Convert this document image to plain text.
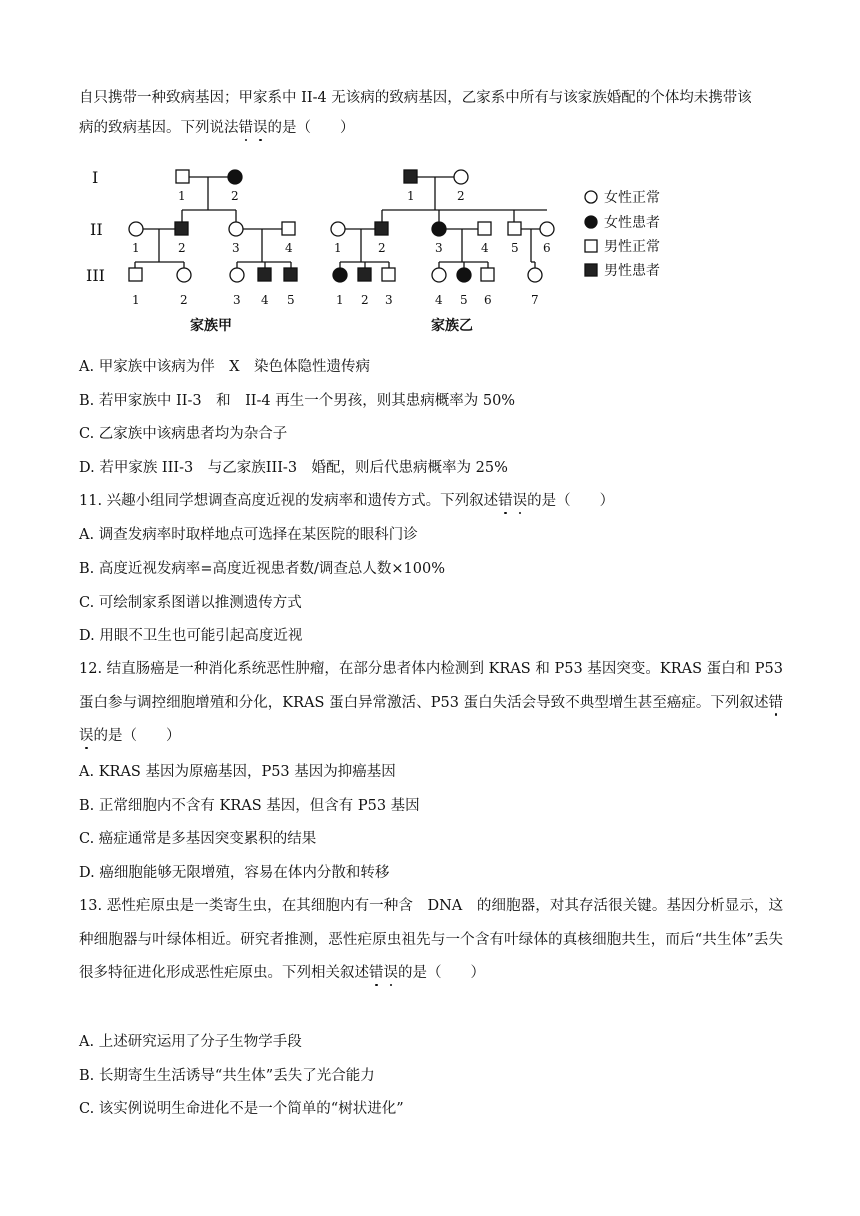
自只携带一种致病基因；甲家系中 II-4 无该病的致病基因，乙家系中所有与该家族婚配的个体均未携带该
病的致病基因。下列说法错误的是（　　）
I
II
III
1	2
1	2	3	4
1	2	3 4 5
1	2
1	2	3	4 5 6
1 2 3	4 5 6	7
家族甲	家族乙
女性正常
女性患者
男性正常
男性患者
A. 甲家族中该病为伴　X　染色体隐性遗传病
B. 若甲家族中 II-3　和　II-4 再生一个男孩，则其患病概率为 50%
C. 乙家族中该病患者均为杂合子
D. 若甲家族 III-3　与乙家族III-3　婚配，则后代患病概率为 25%
11. 兴趣小组同学想调查高度近视的发病率和遗传方式。下列叙述错误的是（　　）
A. 调查发病率时取样地点可选择在某医院的眼科门诊
B. 高度近视发病率=高度近视患者数/调查总人数×100%
C. 可绘制家系图谱以推测遗传方式
D. 用眼不卫生也可能引起高度近视
12. 结直肠癌是一种消化系统恶性肿瘤，在部分患者体内检测到 KRAS 和 P53 基因突变。KRAS 蛋白和 P53 蛋白参与调控细胞增殖和分化，KRAS 蛋白异常激活、P53 蛋白失活会导致不典型增生甚至癌症。下列叙述错误的是（　　）
A. KRAS 基因为原癌基因，P53 基因为抑癌基因
B. 正常细胞内不含有 KRAS 基因，但含有 P53 基因
C. 癌症通常是多基因突变累积的结果
D. 癌细胞能够无限增殖，容易在体内分散和转移
13. 恶性疟原虫是一类寄生虫，在其细胞内有一种含　DNA　的细胞器，对其存活很关键。基因分析显示，这种细胞器与叶绿体相近。研究者推测，恶性疟原虫祖先与一个含有叶绿体的真核细胞共生，而后“共生体”丢失很多特征进化形成恶性疟原虫。下列相关叙述错误的是（　　）
A. 上述研究运用了分子生物学手段
B. 长期寄生生活诱导“共生体”丢失了光合能力
C. 该实例说明生命进化不是一个简单的“树状进化”
